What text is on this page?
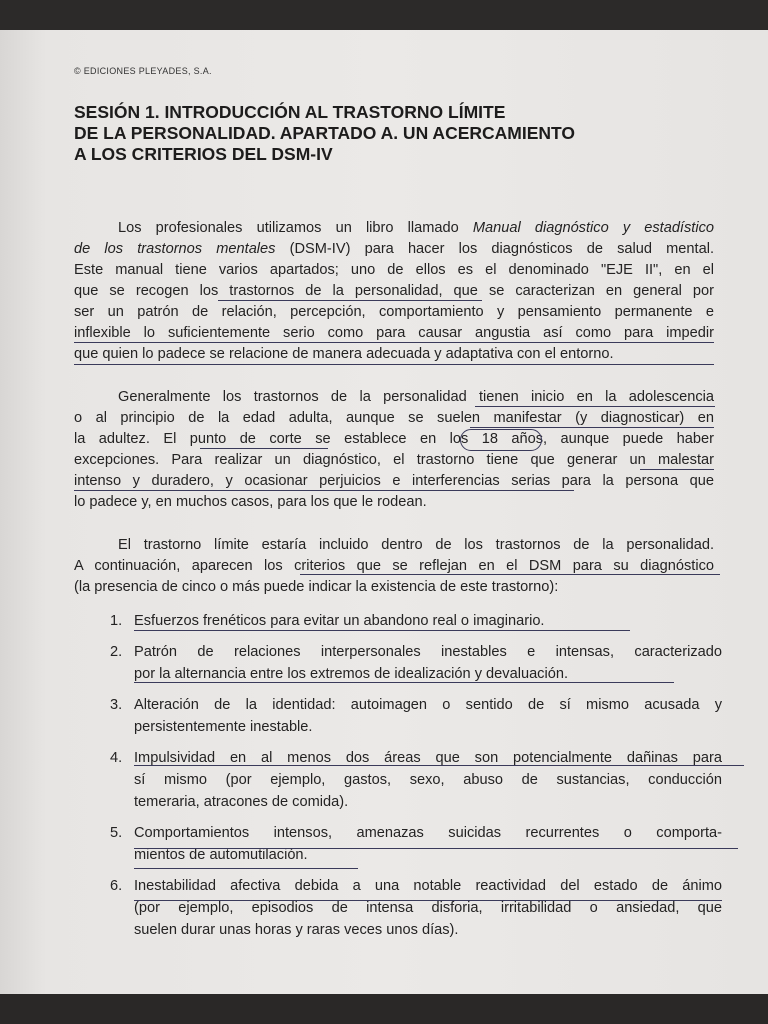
© EDICIONES PLEYADES, S.A.
SESIÓN 1. INTRODUCCIÓN AL TRASTORNO LÍMITE
DE LA PERSONALIDAD. APARTADO A. UN ACERCAMIENTO
A LOS CRITERIOS DEL DSM-IV
Los profesionales utilizamos un libro llamado Manual diagnóstico y estadístico
de los trastornos mentales (DSM-IV) para hacer los diagnósticos de salud mental.
Este manual tiene varios apartados; uno de ellos es el denominado "EJE II", en el
que se recogen los trastornos de la personalidad, que se caracterizan en general por
ser un patrón de relación, percepción, comportamiento y pensamiento permanente e
inflexible lo suficientemente serio como para causar angustia así como para impedir
que quien lo padece se relacione de manera adecuada y adaptativa con el entorno.
Generalmente los trastornos de la personalidad tienen inicio en la adolescencia
o al principio de la edad adulta, aunque se suelen manifestar (y diagnosticar) en
la adultez. El punto de corte se establece en los 18 años, aunque puede haber
excepciones. Para realizar un diagnóstico, el trastorno tiene que generar un malestar
intenso y duradero, y ocasionar perjuicios e interferencias serias para la persona que
lo padece y, en muchos casos, para los que le rodean.
El trastorno límite estaría incluido dentro de los trastornos de la personalidad.
A continuación, aparecen los criterios que se reflejan en el DSM para su diagnóstico
(la presencia de cinco o más puede indicar la existencia de este trastorno):
1. Esfuerzos frenéticos para evitar un abandono real o imaginario.
2. Patrón de relaciones interpersonales inestables e intensas, caracterizado
por la alternancia entre los extremos de idealización y devaluación.
3. Alteración de la identidad: autoimagen o sentido de sí mismo acusada y
persistentemente inestable.
4. Impulsividad en al menos dos áreas que son potencialmente dañinas para
sí mismo (por ejemplo, gastos, sexo, abuso de sustancias, conducción
temeraria, atracones de comida).
5. Comportamientos intensos, amenazas suicidas recurrentes o comporta-
mientos de automutilación.
6. Inestabilidad afectiva debida a una notable reactividad del estado de ánimo
(por ejemplo, episodios de intensa disforia, irritabilidad o ansiedad, que
suelen durar unas horas y raras veces unos días).
